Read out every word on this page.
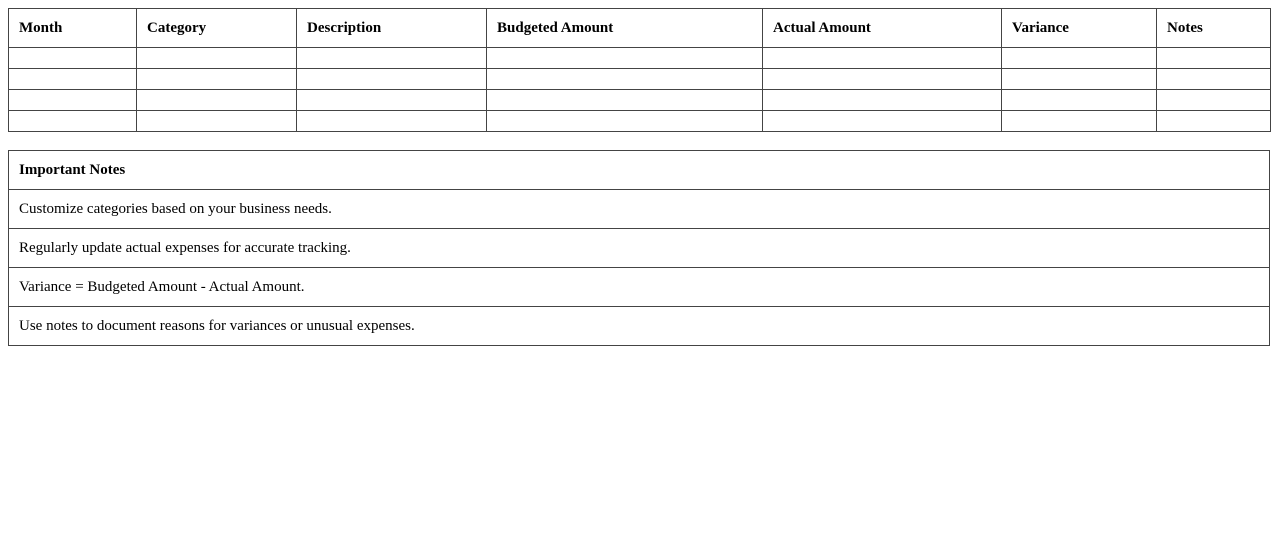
Month	Category	Description	Budgeted Amount	Actual Amount	Variance	Notes

Important Notes
Customize categories based on your business needs.
Regularly update actual expenses for accurate tracking.
Variance = Budgeted Amount - Actual Amount.
Use notes to document reasons for variances or unusual expenses.
